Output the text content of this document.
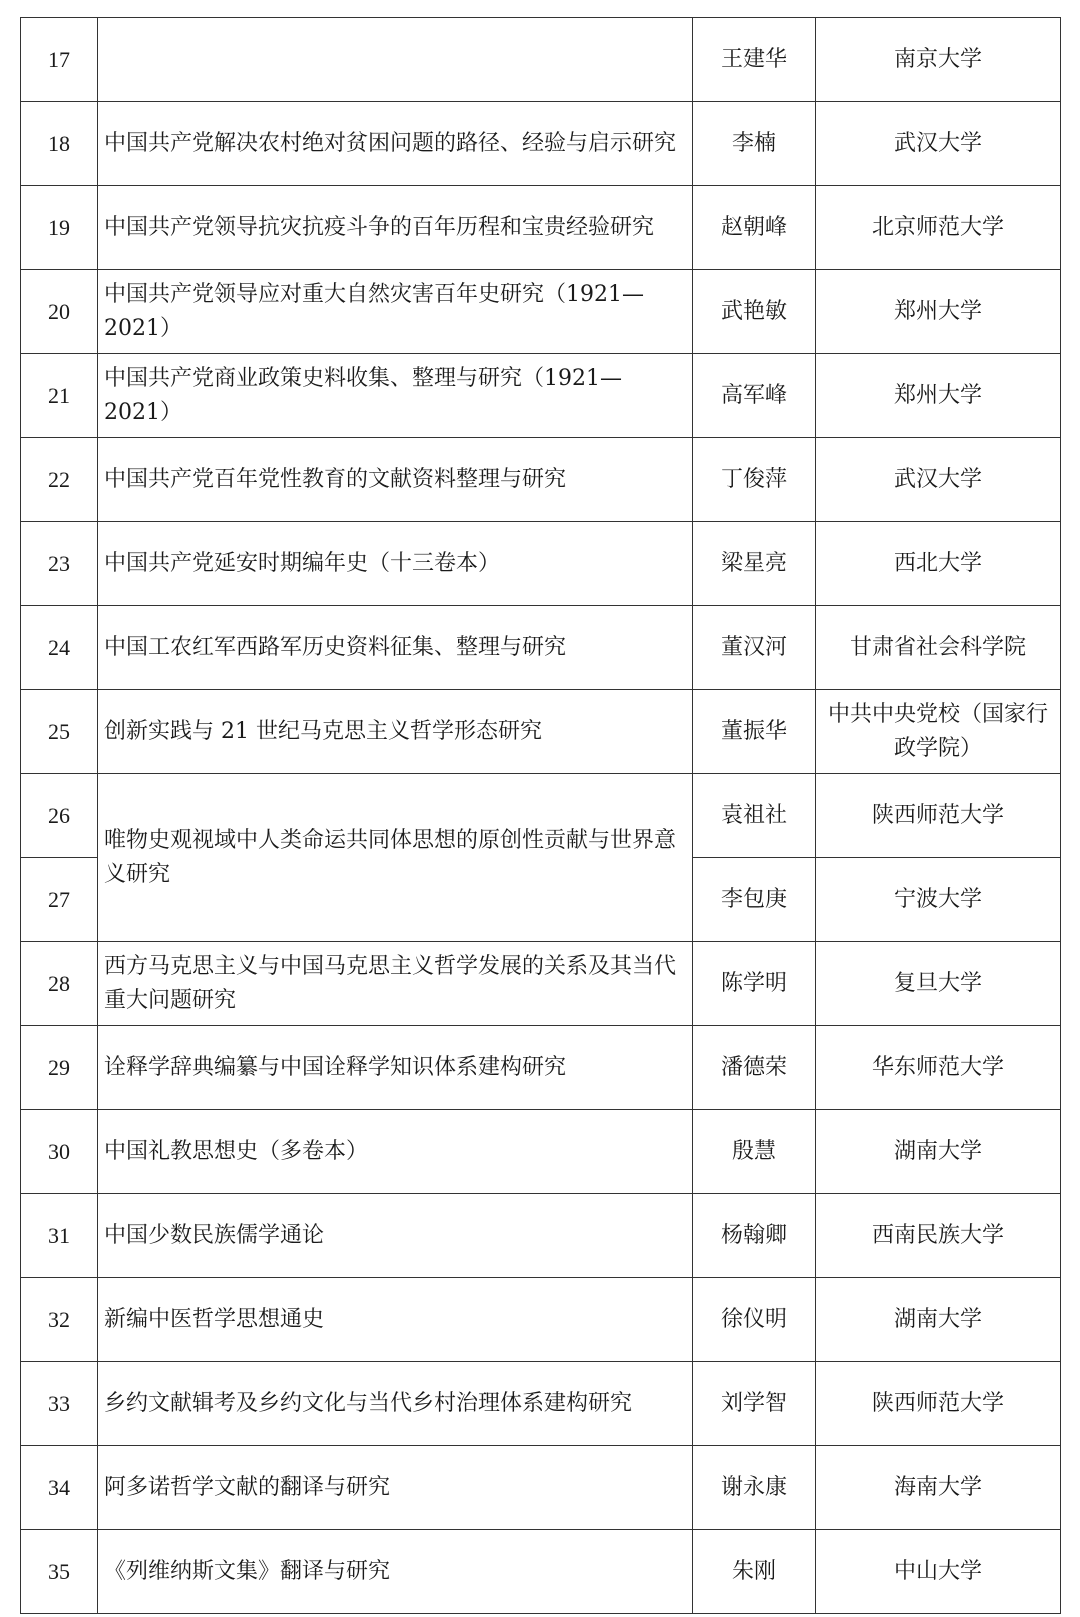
17		王建华	南京大学
18	中国共产党解决农村绝对贫困问题的路径、经验与启示研究	李楠	武汉大学
19	中国共产党领导抗灾抗疫斗争的百年历程和宝贵经验研究	赵朝峰	北京师范大学
20	中国共产党领导应对重大自然灾害百年史研究（1921—2021）	武艳敏	郑州大学
21	中国共产党商业政策史料收集、整理与研究（1921—2021）	高军峰	郑州大学
22	中国共产党百年党性教育的文献资料整理与研究	丁俊萍	武汉大学
23	中国共产党延安时期编年史（十三卷本）	梁星亮	西北大学
24	中国工农红军西路军历史资料征集、整理与研究	董汉河	甘肃省社会科学院
25	创新实践与 21 世纪马克思主义哲学形态研究	董振华	中共中央党校（国家行政学院）
26	唯物史观视域中人类命运共同体思想的原创性贡献与世界意义研究	袁祖社	陕西师范大学
27		李包庚	宁波大学
28	西方马克思主义与中国马克思主义哲学发展的关系及其当代重大问题研究	陈学明	复旦大学
29	诠释学辞典编纂与中国诠释学知识体系建构研究	潘德荣	华东师范大学
30	中国礼教思想史（多卷本）	殷慧	湖南大学
31	中国少数民族儒学通论	杨翰卿	西南民族大学
32	新编中医哲学思想通史	徐仪明	湖南大学
33	乡约文献辑考及乡约文化与当代乡村治理体系建构研究	刘学智	陕西师范大学
34	阿多诺哲学文献的翻译与研究	谢永康	海南大学
35	《列维纳斯文集》翻译与研究	朱刚	中山大学
